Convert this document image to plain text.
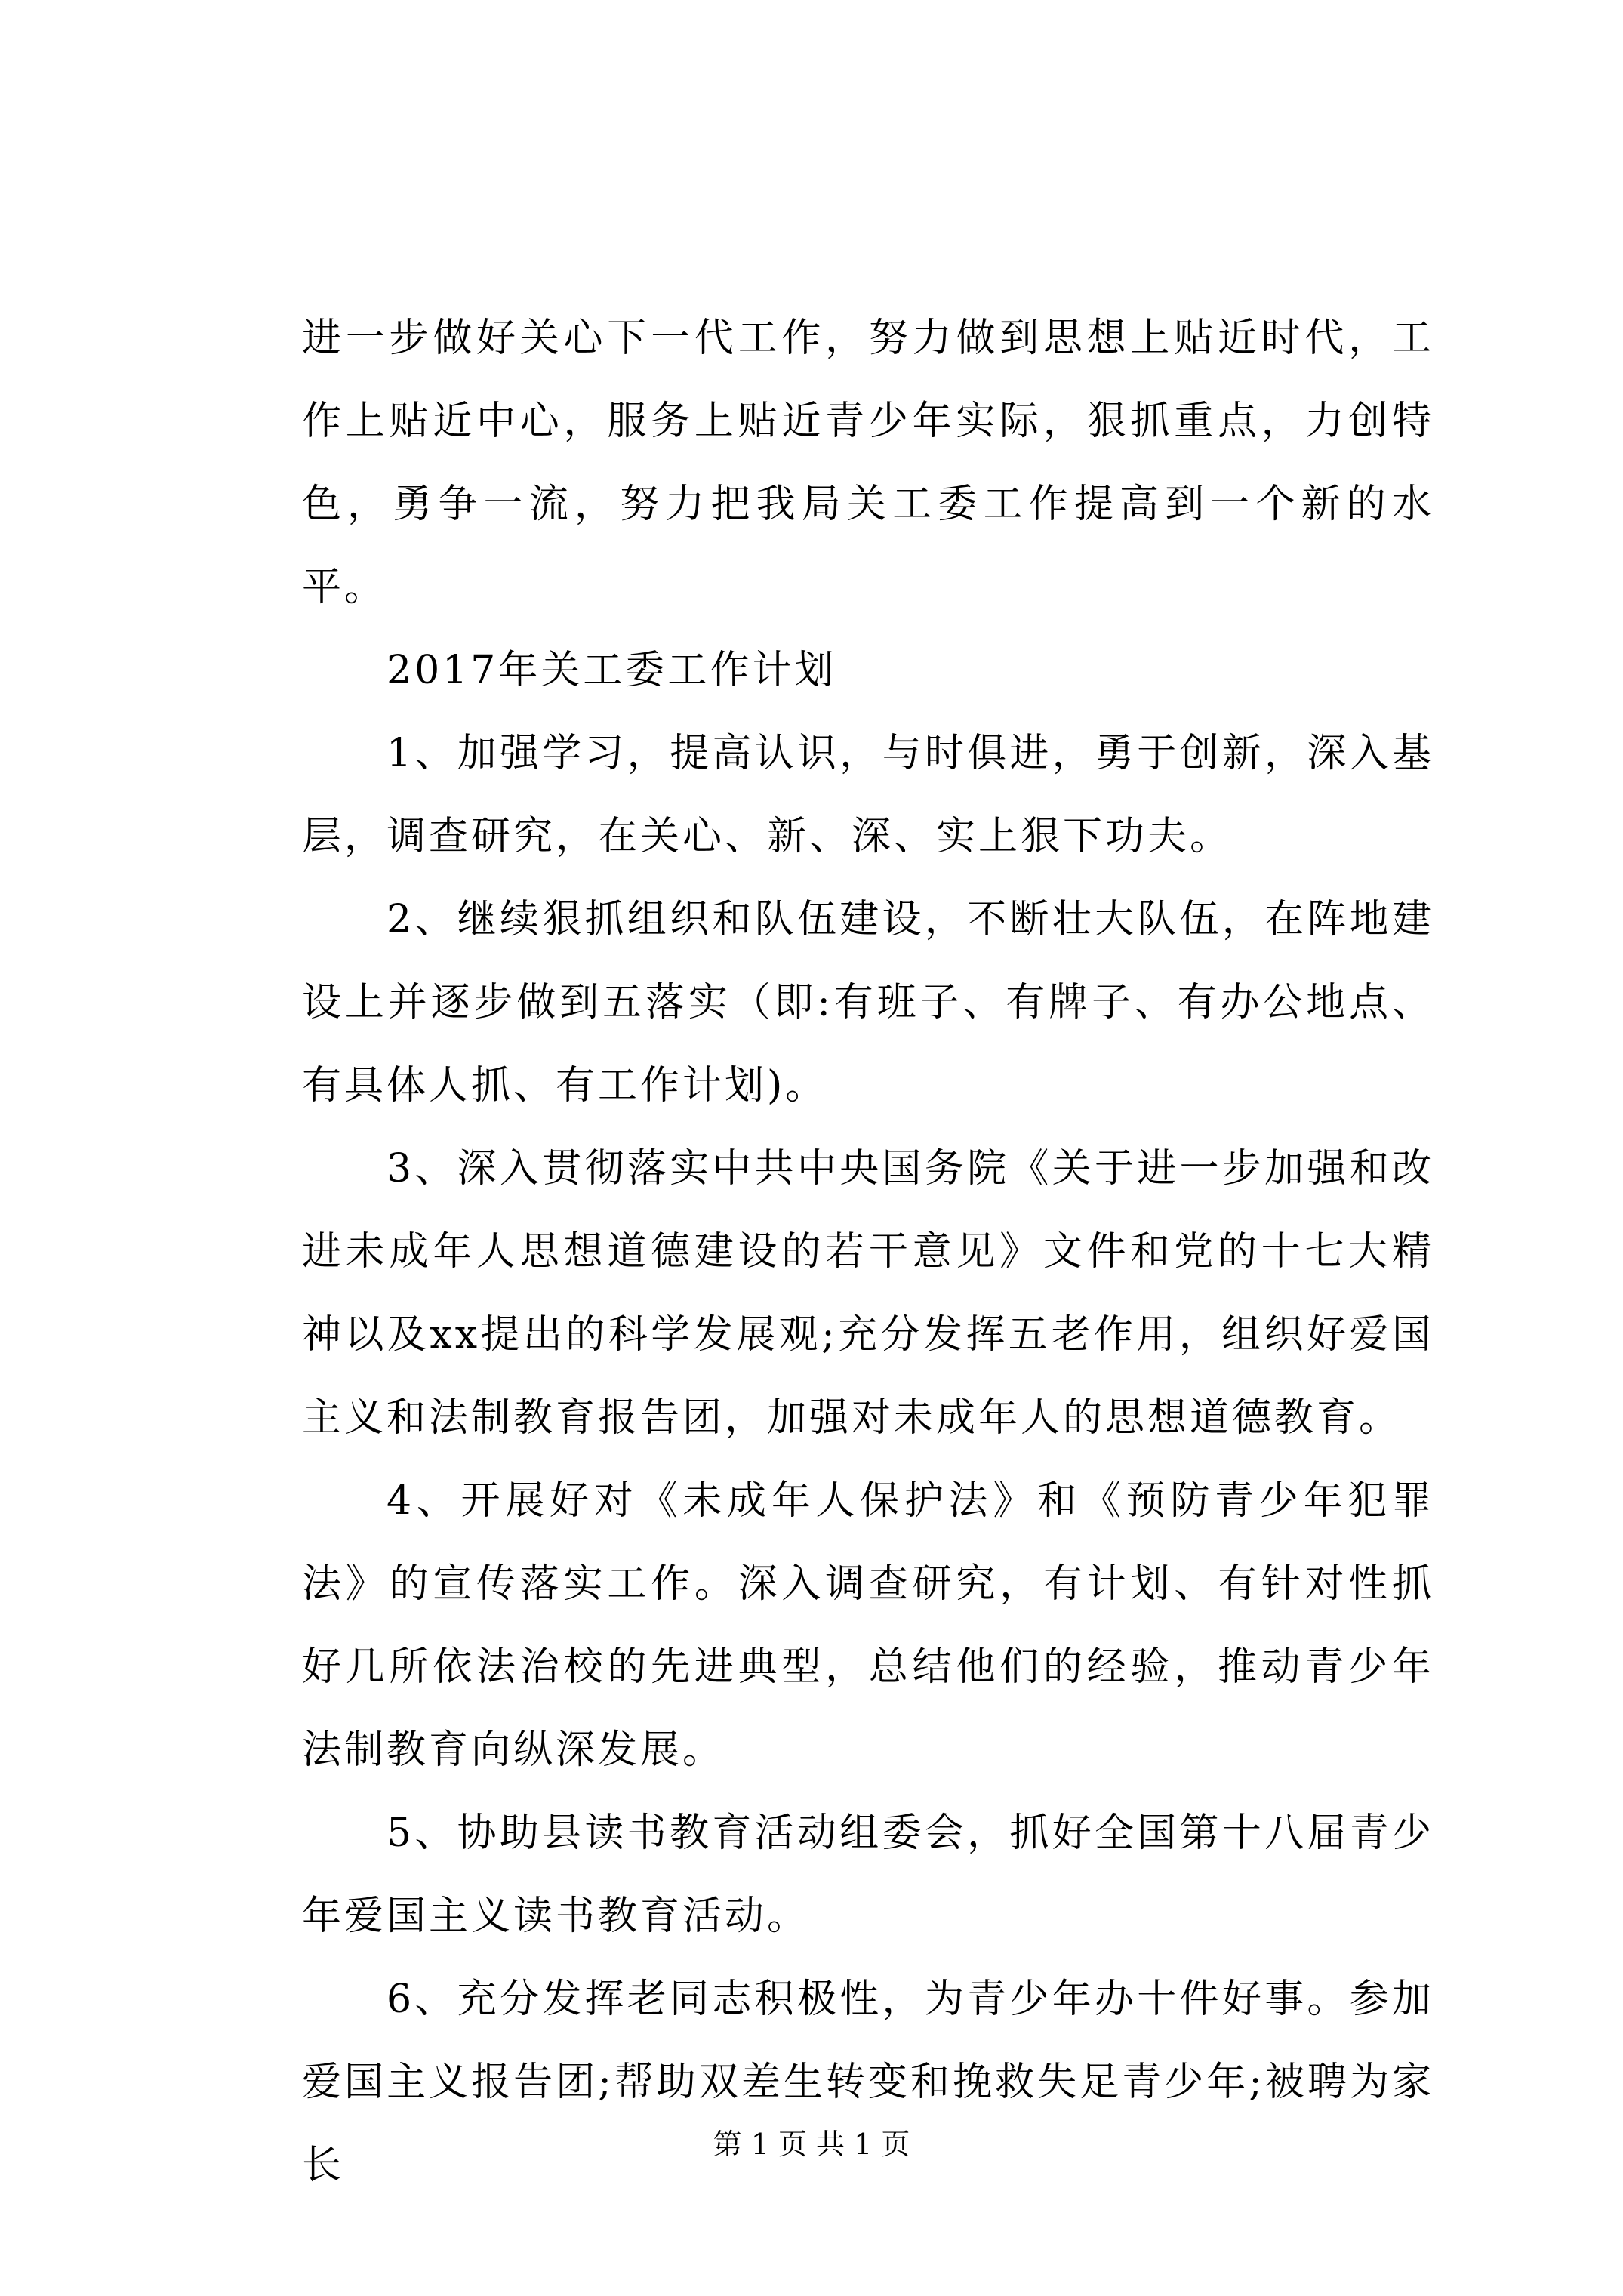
进一步做好关心下一代工作，努力做到思想上贴近时代，工作上贴近中心，服务上贴近青少年实际，狠抓重点，力创特色，勇争一流，努力把我局关工委工作提高到一个新的水平。

2017年关工委工作计划

1、加强学习，提高认识，与时俱进，勇于创新，深入基层，调查研究，在关心、新、深、实上狠下功夫。

2、继续狠抓组织和队伍建设，不断壮大队伍，在阵地建设上并逐步做到五落实（即:有班子、有牌子、有办公地点、有具体人抓、有工作计划)。

3、深入贯彻落实中共中央国务院《关于进一步加强和改进未成年人思想道德建设的若干意见》文件和党的十七大精神以及xx提出的科学发展观;充分发挥五老作用，组织好爱国主义和法制教育报告团，加强对未成年人的思想道德教育。

4、开展好对《未成年人保护法》和《预防青少年犯罪法》的宣传落实工作。深入调查研究，有计划、有针对性抓好几所依法治校的先进典型，总结他们的经验，推动青少年法制教育向纵深发展。

5、协助县读书教育活动组委会，抓好全国第十八届青少年爱国主义读书教育活动。

6、充分发挥老同志积极性，为青少年办十件好事。参加爱国主义报告团;帮助双差生转变和挽救失足青少年;被聘为家长	第 1 页 共 1 页
